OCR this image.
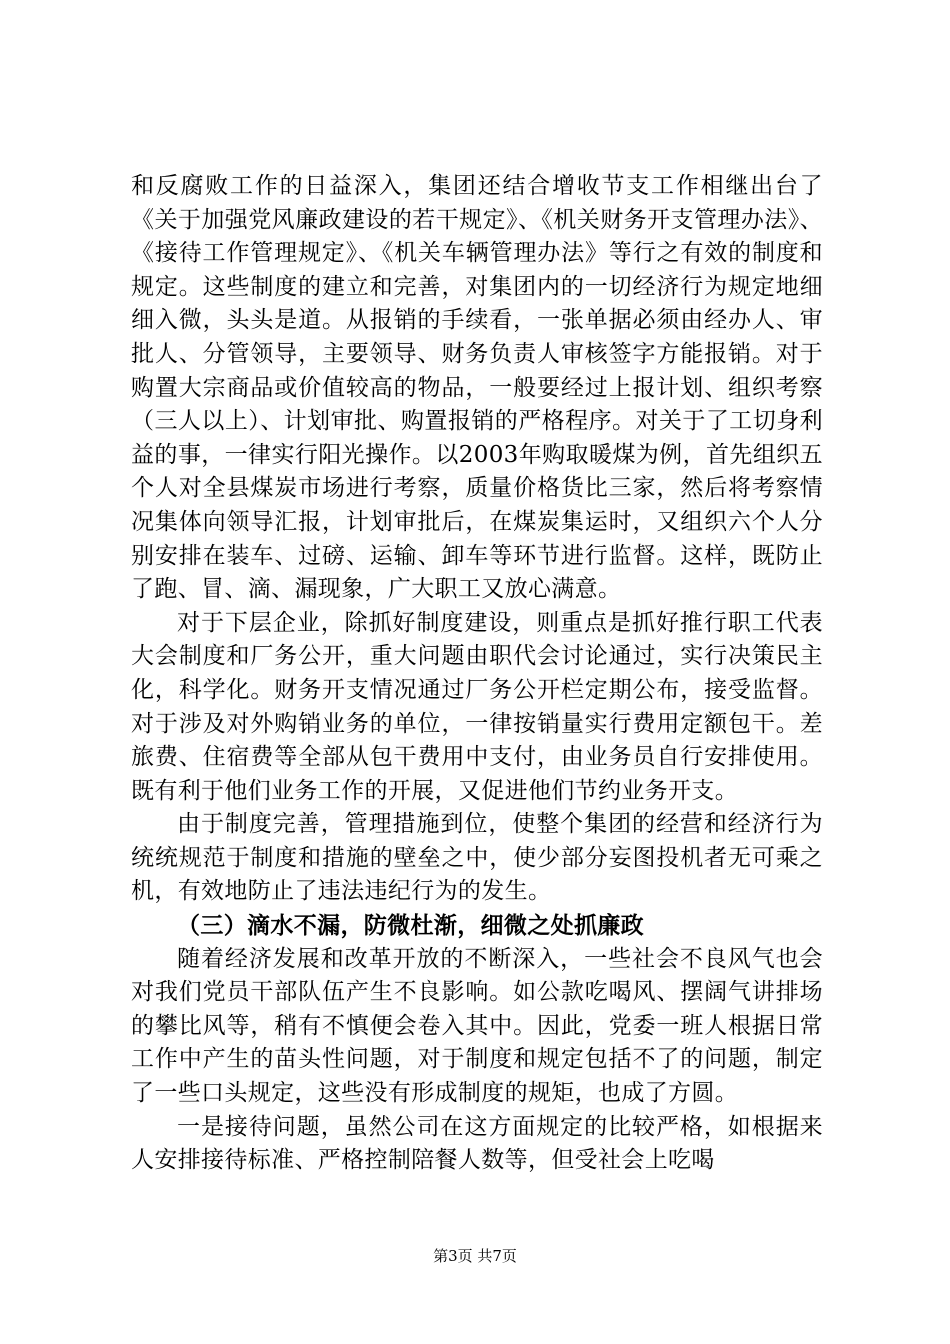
和反腐败工作的日益深入，集团还结合增收节支工作相继出台了《关于加强党风廉政建设的若干规定》、《机关财务开支管理办法》、《接待工作管理规定》、《机关车辆管理办法》等行之有效的制度和规定。这些制度的建立和完善，对集团内的一切经济行为规定地细细入微，头头是道。从报销的手续看，一张单据必须由经办人、审批人、分管领导，主要领导、财务负责人审核签字方能报销。对于购置大宗商品或价值较高的物品，一般要经过上报计划、组织考察（三人以上）、计划审批、购置报销的严格程序。对关于了工切身利益的事，一律实行阳光操作。以2003年购取暖煤为例，首先组织五个人对全县煤炭市场进行考察，质量价格货比三家，然后将考察情况集体向领导汇报，计划审批后，在煤炭集运时，又组织六个人分别安排在装车、过磅、运输、卸车等环节进行监督。这样，既防止了跑、冒、滴、漏现象，广大职工又放心满意。

对于下层企业，除抓好制度建设，则重点是抓好推行职工代表大会制度和厂务公开，重大问题由职代会讨论通过，实行决策民主化，科学化。财务开支情况通过厂务公开栏定期公布，接受监督。对于涉及对外购销业务的单位，一律按销量实行费用定额包干。差旅费、住宿费等全部从包干费用中支付，由业务员自行安排使用。既有利于他们业务工作的开展，又促进他们节约业务开支。

由于制度完善，管理措施到位，使整个集团的经营和经济行为统统规范于制度和措施的壁垒之中，使少部分妄图投机者无可乘之机，有效地防止了违法违纪行为的发生。

（三）滴水不漏，防微杜渐，细微之处抓廉政

随着经济发展和改革开放的不断深入，一些社会不良风气也会对我们党员干部队伍产生不良影响。如公款吃喝风、摆阔气讲排场的攀比风等，稍有不慎便会卷入其中。因此，党委一班人根据日常工作中产生的苗头性问题，对于制度和规定包括不了的问题，制定了一些口头规定，这些没有形成制度的规矩，也成了方圆。

一是接待问题，虽然公司在这方面规定的比较严格，如根据来人安排接待标准、严格控制陪餐人数等，但受社会上吃喝

第3页 共7页
